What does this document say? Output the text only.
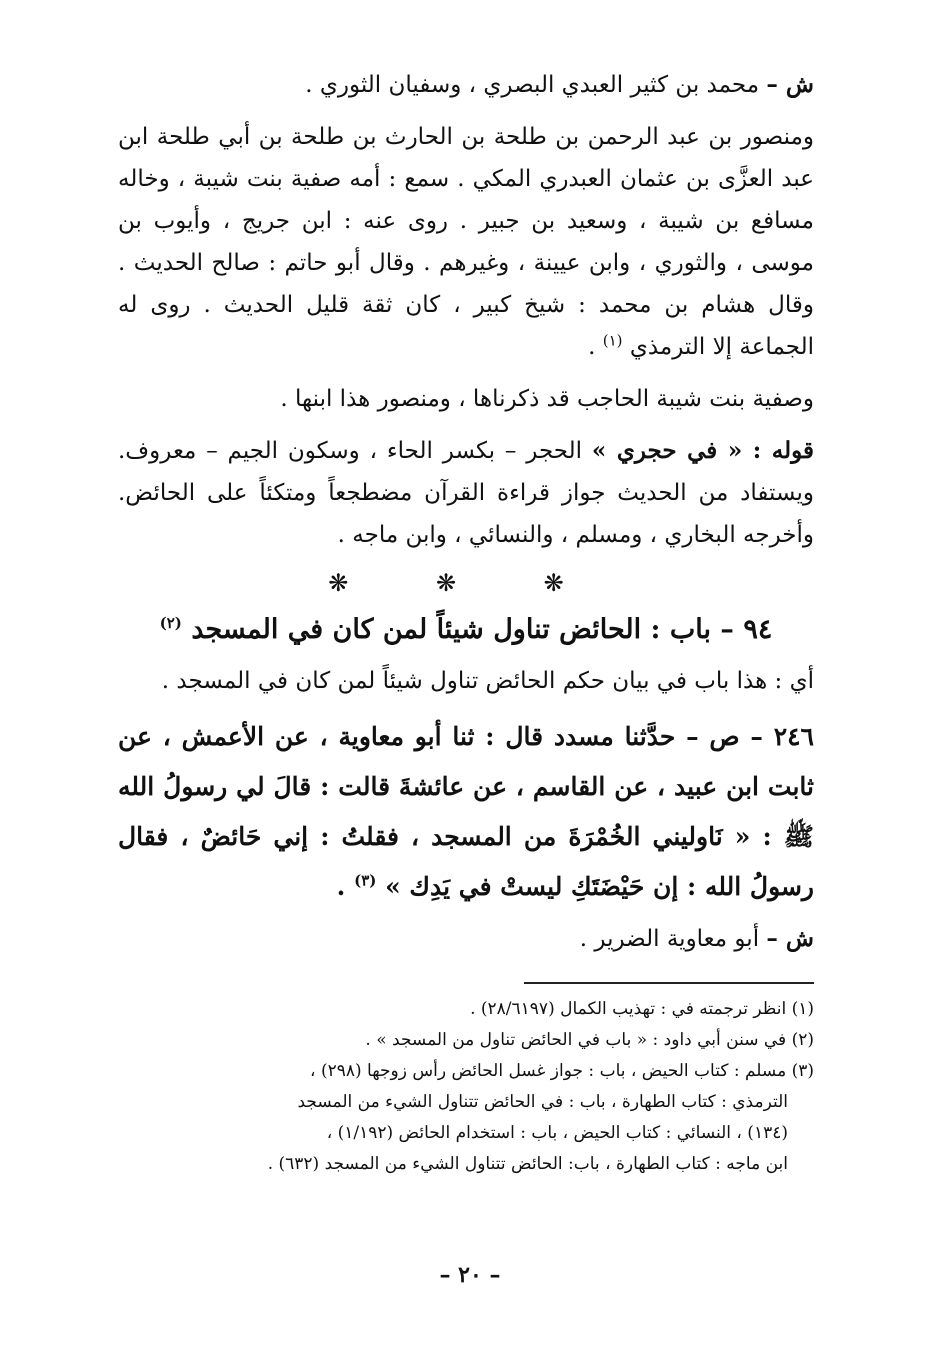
ش – محمد بن كثير العبدي البصري ، وسفيان الثوري .

ومنصور بن عبد الرحمن بن طلحة بن الحارث بن طلحة بن أبي طلحة ابن عبد العزَّى بن عثمان العبدري المكي . سمع : أمه صفية بنت شيبة ، وخاله مسافع بن شيبة ، وسعيد بن جبير . روى عنه : ابن جريج ، وأيوب بن موسى ، والثوري ، وابن عيينة ، وغيرهم . وقال أبو حاتم : صالح الحديث . وقال هشام بن محمد : شيخ كبير ، كان ثقة قليل الحديث . روى له الجماعة إلا الترمذي $^{(١)}$ .

وصفية بنت شيبة الحاجب قد ذكرناها ، ومنصور هذا ابنها .

قوله : « في حجري » الحجر – بكسر الحاء ، وسكون الجيم – معروف. ويستفاد من الحديث جواز قراءة القرآن مضطجعاً ومتكئاً على الحائض. وأخرجه البخاري ، ومسلم ، والنسائي ، وابن ماجه .

❋ ❋ ❋
٩٤ – باب : الحائض تناول شيئاً لمن كان في المسجد $^{(٢)}$

أي : هذا باب في بيان حكم الحائض تناول شيئاً لمن كان في المسجد .

٢٤٦ – ص – حدَّثنا مسدد قال : ثنا أبو معاوية ، عن الأعمش ، عن ثابت ابن عبيد ، عن القاسم ، عن عائشةَ قالت : قالَ لي رسولُ الله ﷺ : « نَاوليني الخُمْرَةَ من المسجد ، فقلتُ : إني حَائضٌ ، فقال رسولُ الله : إن حَيْضَتَكِ ليستْ في يَدِك » $^{(٣)}$ .

ش – أبو معاوية الضرير .

(١) انظر ترجمته في : تهذيب الكمال (٢٨/٦١٩٧) .

(٢) في سنن أبي داود : « باب في الحائض تناول من المسجد » .

(٣) مسلم : كتاب الحيض ، باب : جواز غسل الحائض رأس زوجها (٢٩٨) ،

الترمذي : كتاب الطهارة ، باب : في الحائض تتناول الشيء من المسجد

(١٣٤) ، النسائي : كتاب الحيض ، باب : استخدام الحائض (١/١٩٢) ،

ابن ماجه : كتاب الطهارة ، باب: الحائض تتناول الشيء من المسجد (٦٣٢) .

– ٢٠ –
